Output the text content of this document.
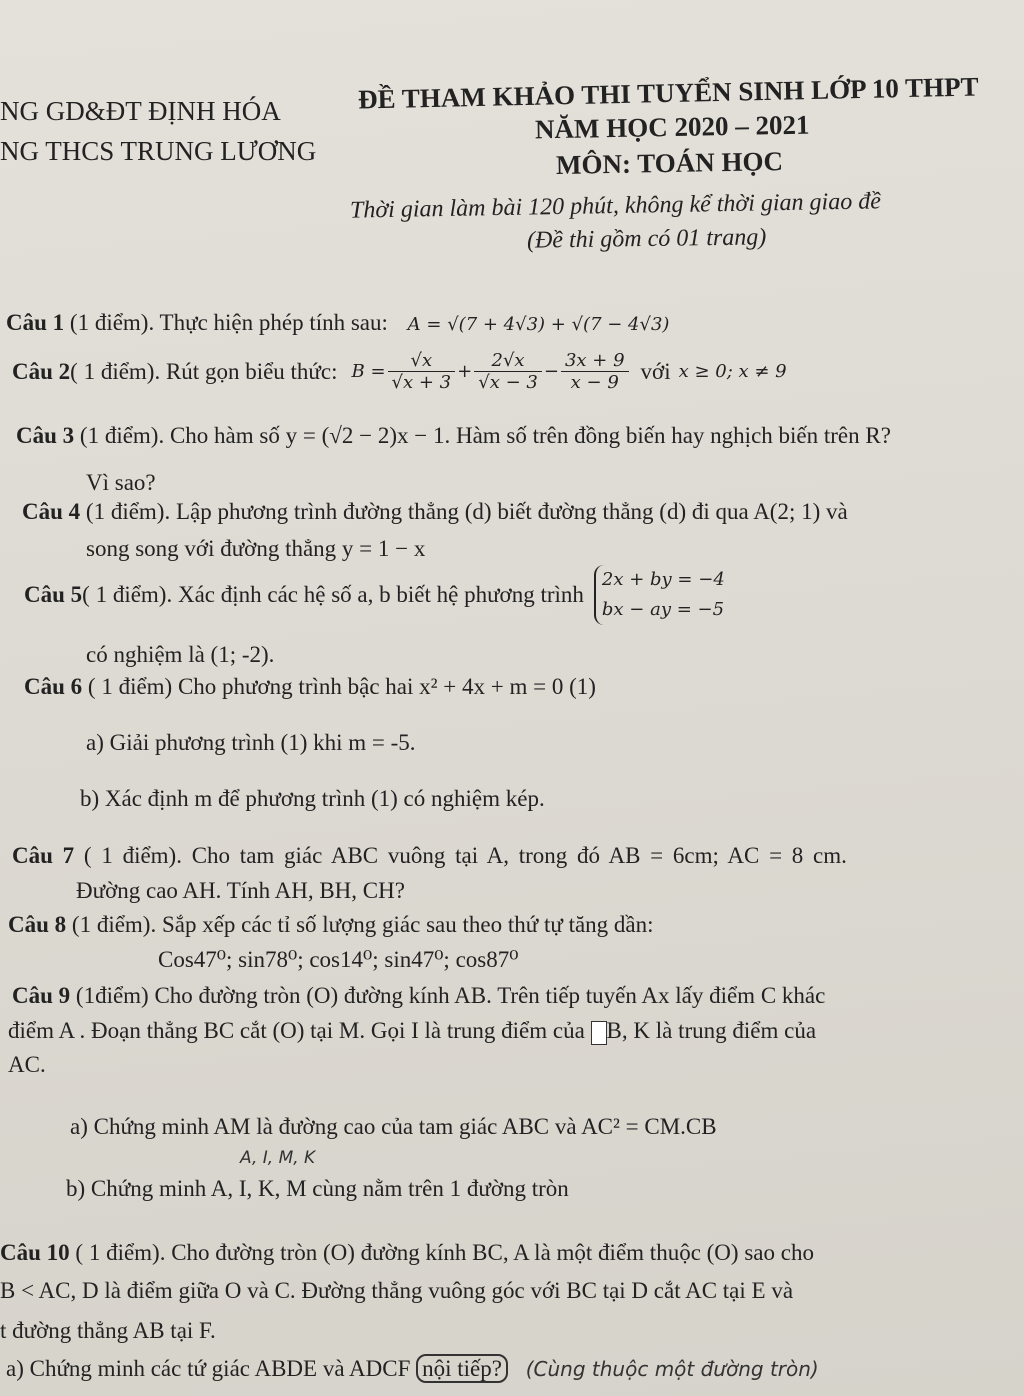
NG GD&ĐT ĐỊNH HÓA
NG THCS TRUNG LƯƠNG
ĐỀ THAM KHẢO THI TUYỂN SINH LỚP 10 THPT
NĂM HỌC 2020 – 2021
MÔN: TOÁN HỌC
Thời gian làm bài 120 phút, không kể thời gian giao đề
(Đề thi gồm có 01 trang)
Câu 1 (1 điểm). Thực hiện phép tính sau: A = √(7 + 4√3) + √(7 − 4√3)
Câu 2 ( 1 điểm). Rút gọn biểu thức: $B = \frac{√x}{√x + 3} + \frac{2√x}{√x - 3} - \frac{3x + 9}{x - 9}$ với x ≥ 0; x ≠ 9
Câu 3 (1 điểm). Cho hàm số y = (√2 − 2)x − 1. Hàm số trên đồng biến hay nghịch biến trên R?
Vì sao?
Câu 4 (1 điểm). Lập phương trình đường thẳng (d) biết đường thẳng (d) đi qua A(2; 1) và
song song với đường thẳng y = 1 − x
Câu 5 ( 1 điểm). Xác định các hệ số a, b biết hệ phương trình
2x + by = −4
bx − ay = −5
có nghiệm là (1; -2).
Câu 6 ( 1 điểm) Cho phương trình bậc hai x² + 4x + m = 0 (1)
a) Giải phương trình (1) khi m = -5.
b) Xác định m để phương trình (1) có nghiệm kép.
Câu 7 ( 1 điểm). Cho tam giác ABC vuông tại A, trong đó AB = 6cm; AC = 8 cm.
Đường cao AH. Tính AH, BH, CH?
Câu 8 (1 điểm). Sắp xếp các tỉ số lượng giác sau theo thứ tự tăng dần:
Cos47⁰; sin78⁰; cos14⁰; sin47⁰; cos87⁰
Câu 9 (1điểm) Cho đường tròn (O) đường kính AB. Trên tiếp tuyến Ax lấy điểm C khác
điểm A . Đoạn thẳng BC cắt (O) tại M. Gọi I là trung điểm của B, K là trung điểm của
AC.
a) Chứng minh AM là đường cao của tam giác ABC và AC² = CM.CB
A, I, M, K
b) Chứng minh A, I, K, M cùng nằm trên 1 đường tròn
Câu 10 ( 1 điểm). Cho đường tròn (O) đường kính BC, A là một điểm thuộc (O) sao cho
B < AC, D là điểm giữa O và C. Đường thẳng vuông góc với BC tại D cắt AC tại E và
t đường thẳng AB tại F.
a) Chứng minh các tứ giác ABDE và ADCF nội tiếp? (Cùng thuộc một đường tròn)
